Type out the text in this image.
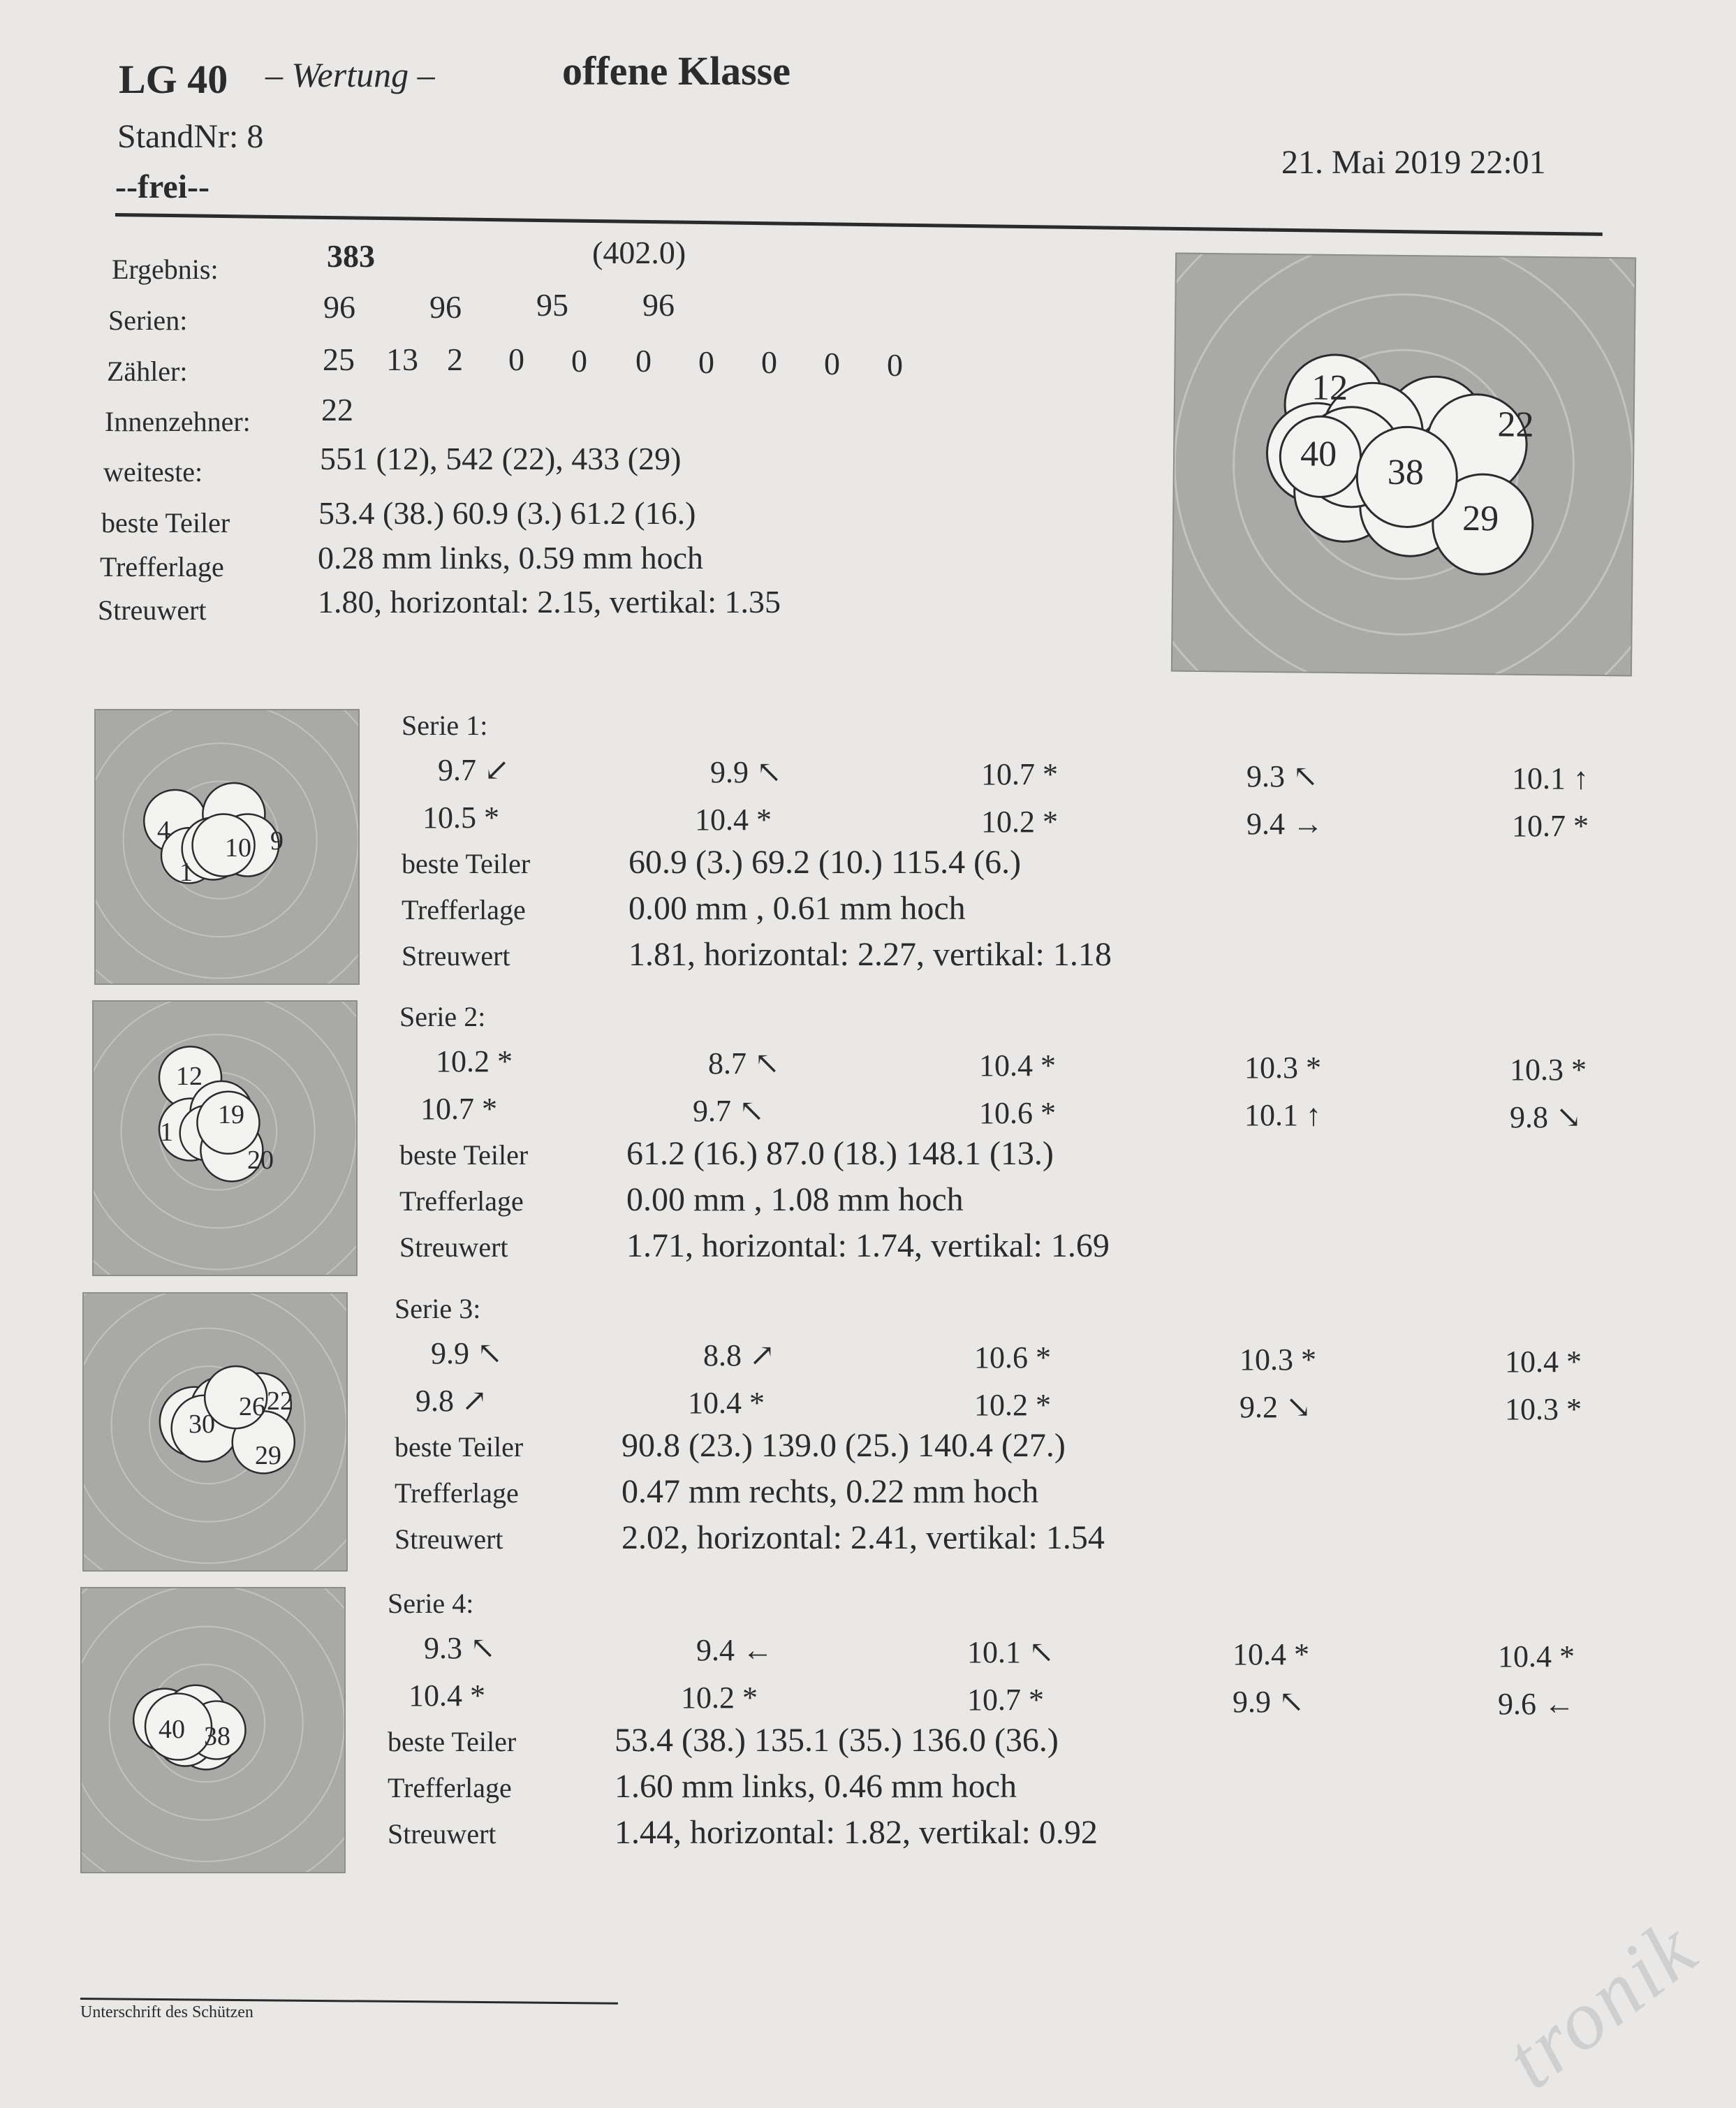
LG 40 – Wertung –	offene Klasse
StandNr: 8
--frei--
21. Mai 2019 22:01
Ergebnis:	383	(402.0)
Serien:	96 96 95 96
Zähler:	25 13 2 0 0 0 0 0 0 0
Innenzehner: 22
weiteste:	551 (12), 542 (22), 433 (29)
beste Teiler	53.4 (38.) 60.9 (3.) 61.2 (16.)
Trefferlage	0.28 mm links, 0.59 mm hoch
Streuwert	1.80, horizontal: 2.15, vertikal: 1.35
12
22
40 38
29
4
10 9
1
Serie 1:
9.7 ↙	9.9 ↖	10.7 *	9.3 ↖	10.1 ↑
10.5 *	10.4 *	10.2 *	9.4 →	10.7 *
beste Teiler	60.9 (3.) 69.2 (10.) 115.4 (6.)
Trefferlage	0.00 mm , 0.61 mm hoch
Streuwert	1.81, horizontal: 2.27, vertikal: 1.18
12
19
20
1
Serie 2:
10.2 *	8.7 ↖	10.4 *	10.3 *	10.3 *
10.7 *	9.7 ↖	10.6 *	10.1 ↑	9.8 ↘
beste Teiler	61.2 (16.) 87.0 (18.) 148.1 (13.)
Trefferlage	0.00 mm , 1.08 mm hoch
Streuwert	1.71, horizontal: 1.74, vertikal: 1.69
30
26 22
29
Serie 3:
9.9 ↖	8.8 ↗	10.6 *	10.3 *	10.4 *
9.8 ↗	10.4 *	10.2 *	9.2 ↘	10.3 *
beste Teiler	90.8 (23.) 139.0 (25.) 140.4 (27.)
Trefferlage	0.47 mm rechts, 0.22 mm hoch
Streuwert	2.02, horizontal: 2.41, vertikal: 1.54
40 38
Serie 4:
9.3 ↖	9.4 ←	10.1 ↖	10.4 *	10.4 *
10.4 *	10.2 *	10.7 *	9.9 ↖	9.6 ←
beste Teiler	53.4 (38.) 135.1 (35.) 136.0 (36.)
Trefferlage	1.60 mm links, 0.46 mm hoch
Streuwert	1.44, horizontal: 1.82, vertikal: 0.92
Unterschrift des Schützen	tronik
